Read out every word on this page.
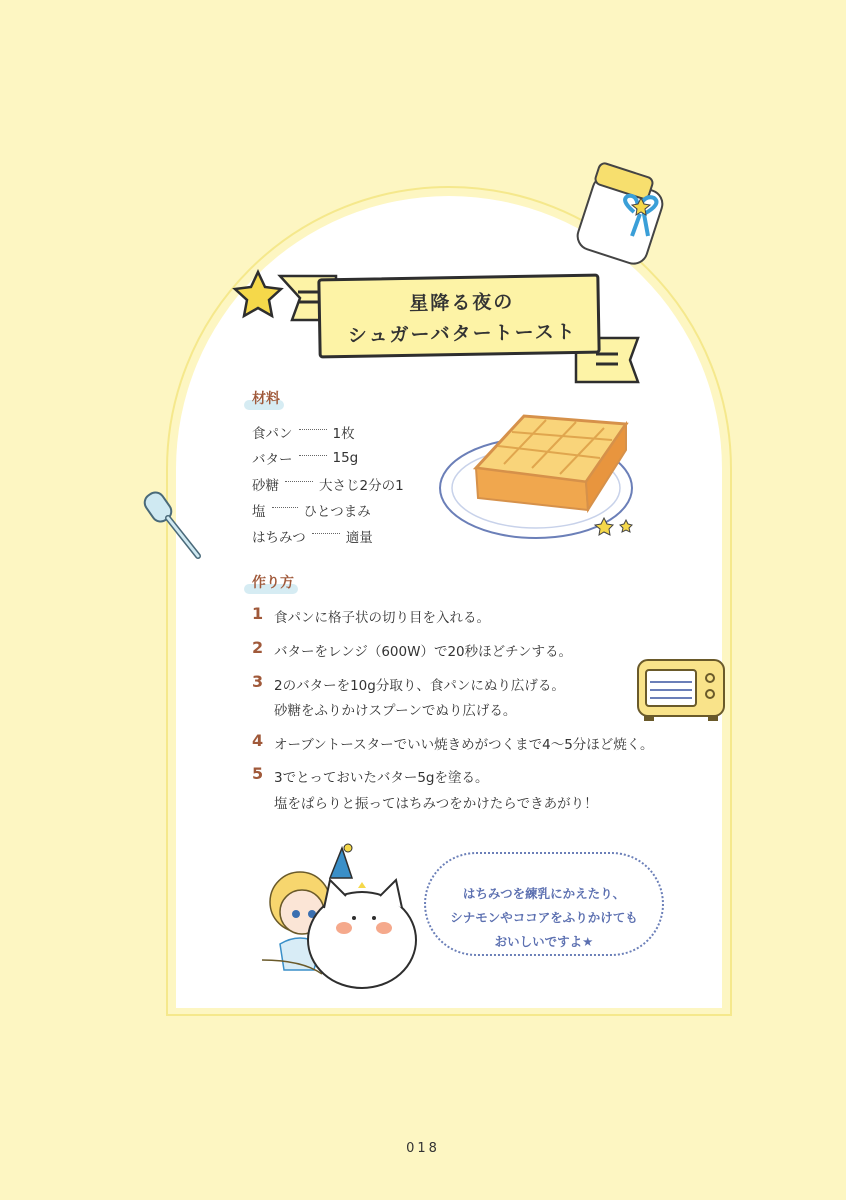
星降る夜の
シュガーバタートースト
材料
食パン	1枚
バター	15g
砂糖	大さじ2分の1
塩	ひとつまみ
はちみつ	適量
作り方
1 食パンに格子状の切り目を入れる。
2 バターをレンジ（600W）で20秒ほどチンする。
3 2のバターを10g分取り、食パンにぬり広げる。
砂糖をふりかけスプーンでぬり広げる。
4 オーブントースターでいい焼きめがつくまで4～5分ほど焼く。
5 3でとっておいたバター5gを塗る。
塩をぱらりと振ってはちみつをかけたらできあがり！
はちみつを練乳にかえたり、
シナモンやココアをふりかけても
おいしいですよ★
018
